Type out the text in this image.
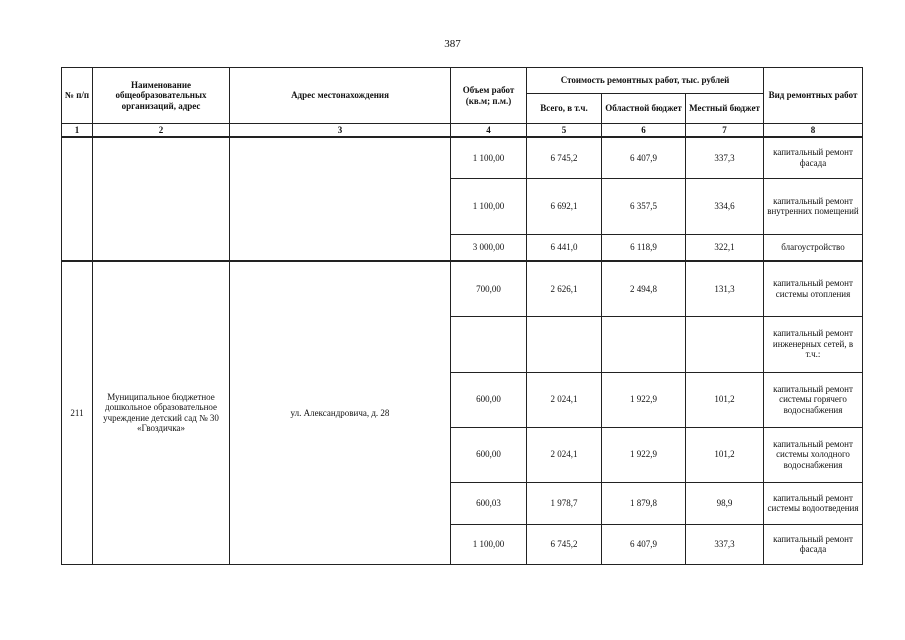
387
№ п/п	Наименование общеобразовательных организаций, адрес	Адрес местонахождения	Объем работ (кв.м; п.м.)	Стоимость ремонтных работ, тыс. рублей			Вид ремонтных работ
				Всего, в т.ч.	Областной бюджет	Местный бюджет	
1	2	3	4	5	6	7	8
			1 100,00	6 745,2	6 407,9	337,3	капитальный ремонт фасада
			1 100,00	6 692,1	6 357,5	334,6	капитальный ремонт внутренних помещений
			3 000,00	6 441,0	6 118,9	322,1	благоустройство
211	Муниципальное бюджетное дошкольное образовательное учреждение детский сад № 30 «Гвоздичка»	ул. Александровича, д. 28	700,00	2 626,1	2 494,8	131,3	капитальный ремонт системы отопления
							капитальный ремонт инженерных сетей, в т.ч.:
			600,00	2 024,1	1 922,9	101,2	капитальный ремонт системы горячего водоснабжения
			600,00	2 024,1	1 922,9	101,2	капитальный ремонт системы холодного водоснабжения
			600,03	1 978,7	1 879,8	98,9	капитальный ремонт системы водоотведения
			1 100,00	6 745,2	6 407,9	337,3	капитальный ремонт фасада
